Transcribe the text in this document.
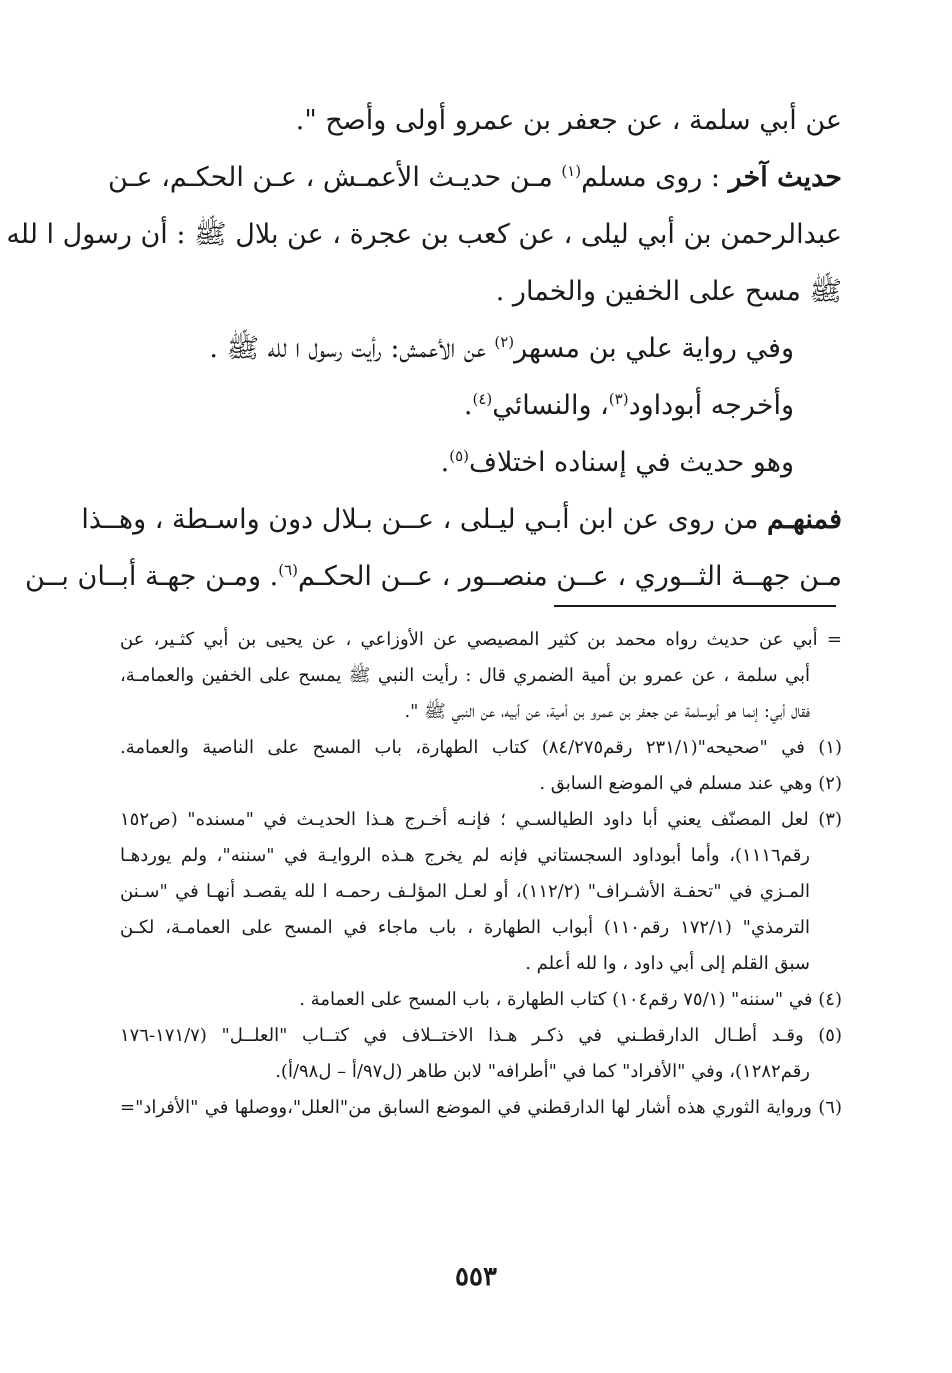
عن أبي سلمة ، عن جعفر بن عمرو أولى وأصح ".
حديث آخر : روى مسلم$^{(١)}$ مـن حديـث الأعمـش ، عـن الحكـم، عـن
عبدالرحمن بن أبي ليلى ، عن كعب بن عجرة ، عن بلال ﷺ : أن رسول ا لله
ﷺ مسح على الخفين والخمار .
وفي رواية علي بن مسهر$^{(٢)}$ عن الأعمش: رأيت رسول ا لله ﷺ .
وأخرجه أبوداود$^{(٣)}$، والنسائي$^{(٤)}$.
وهو حديث في إسناده اختلاف$^{(٥)}$.
فمنهـم من روى عن ابن أبـي ليـلى ، عــن بـلال دون واسـطة ، وهــذا
مـن جهــة الثــوري ، عــن منصــور ، عــن الحكـم$^{(٦)}$. ومـن جهـة أبــان بــن
= أبي عن حديث رواه محمد بن كثير المصيصي عن الأوزاعي ، عن يحيى بن أبي كثـير، عن
أبي سلمة ، عن عمرو بن أمية الضمري قال : رأيت النبي ﷺ يمسح على الخفين والعمامـة،
فقال أبي: إنما هو أبوسلمة عن جعفر بن عمرو بن أمية، عن أبيه، عن النبي ﷺ ".
(١) في "صحيحه"(٢٣١/١ رقم٨٤/٢٧٥) كتاب الطهارة، باب المسح على الناصية والعمامة.
(٢) وهي عند مسلم في الموضع السابق .
(٣) لعل المصنّف يعني أبا داود الطيالسـي ؛ فإنـه أخـرج هـذا الحديـث في "مسنده" (ص١٥٢
رقم١١١٦)، وأما أبوداود السجستاني فإنه لم يخرج هـذه الروايـة في "سننه"، ولم يوردهـا
المـزي في "تحفـة الأشـراف" (١١٢/٢)، أو لعـل المؤلـف رحمـه ا لله يقصـد أنهـا في "سـنن
الترمذي" (١٧٢/١ رقم١١٠) أبواب الطهارة ، باب ماجاء في المسح على العمامـة، لكـن
سبق القلم إلى أبي داود ، وا لله أعلم .
(٤) في "سننه" (٧٥/١ رقم١٠٤) كتاب الطهارة ، باب المسح على العمامة .
(٥) وقـد أطـال الدارقطـني في ذكـر هـذا الاختــلاف في كتــاب "العلــل" (١٧١/٧-١٧٦
رقم١٢٨٢)، وفي "الأفراد" كما في "أطرافه" لابن طاهر (ل٩٧/أ – ل٩٨/أ).
(٦) ورواية الثوري هذه أشار لها الدارقطني في الموضع السابق من"العلل"،ووصلها في "الأفراد"=
٥٥٣
